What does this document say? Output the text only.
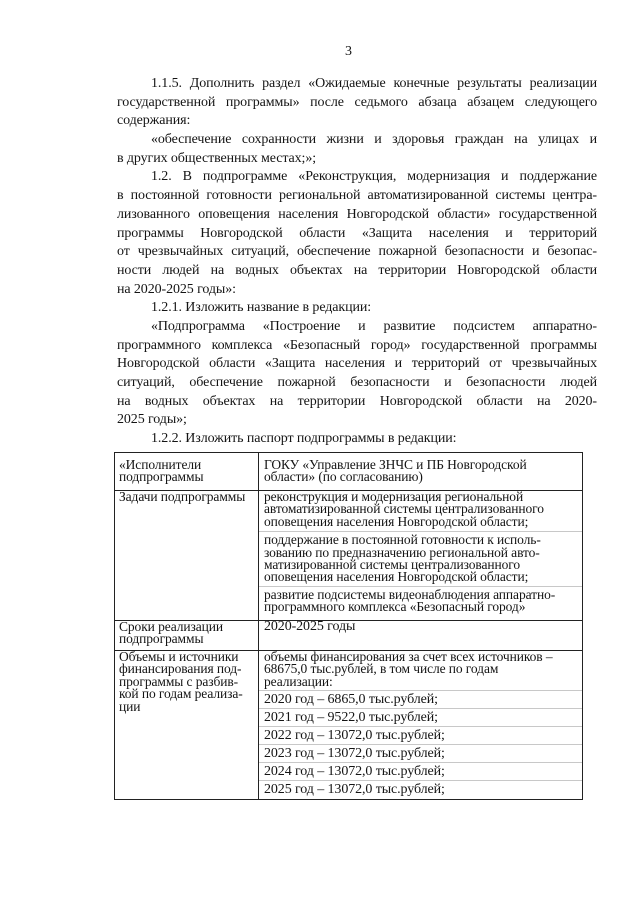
3
1.1.5. Дополнить раздел «Ожидаемые конечные результаты реализации
государственной программы» после седьмого абзаца абзацем следующего
содержания:
«обеспечение сохранности жизни и здоровья граждан на улицах и
в других общественных местах;»;
1.2. В подпрограмме «Реконструкция, модернизация и поддержание
в постоянной готовности региональной автоматизированной системы центра-
лизованного оповещения населения Новгородской области» государственной
программы Новгородской области «Защита населения и территорий
от чрезвычайных ситуаций, обеспечение пожарной безопасности и безопас-
ности людей на водных объектах на территории Новгородской области
на 2020-2025 годы»:
1.2.1. Изложить название в редакции:
«Подпрограмма «Построение и развитие подсистем аппаратно-
программного комплекса «Безопасный город» государственной программы
Новгородской области «Защита населения и территорий от чрезвычайных
ситуаций, обеспечение пожарной безопасности и безопасности людей
на водных объектах на территории Новгородской области на 2020-
2025 годы»;
1.2.2. Изложить паспорт подпрограммы в редакции:
«Исполнители
подпрограммы
ГОКУ «Управление ЗНЧС и ПБ Новгородской
области» (по согласованию)
Задачи подпрограммы	реконструкция и модернизация региональной
автоматизированной системы централизованного
оповещения населения Новгородской области;
поддержание в постоянной готовности к исполь-
зованию по предназначению региональной авто-
матизированной системы централизованного
оповещения населения Новгородской области;
развитие подсистемы видеонаблюдения аппаратно-
программного комплекса «Безопасный город»
Сроки реализации
подпрограммы
2020-2025 годы
Объемы и источники
финансирования под-
программы с разбив-
кой по годам реализа-
ции
объемы финансирования за счет всех источников –
68675,0 тыс.рублей, в том числе по годам
реализации:
2020 год – 6865,0 тыс.рублей;
2021 год – 9522,0 тыс.рублей;
2022 год – 13072,0 тыс.рублей;
2023 год – 13072,0 тыс.рублей;
2024 год – 13072,0 тыс.рублей;
2025 год – 13072,0 тыс.рублей;
